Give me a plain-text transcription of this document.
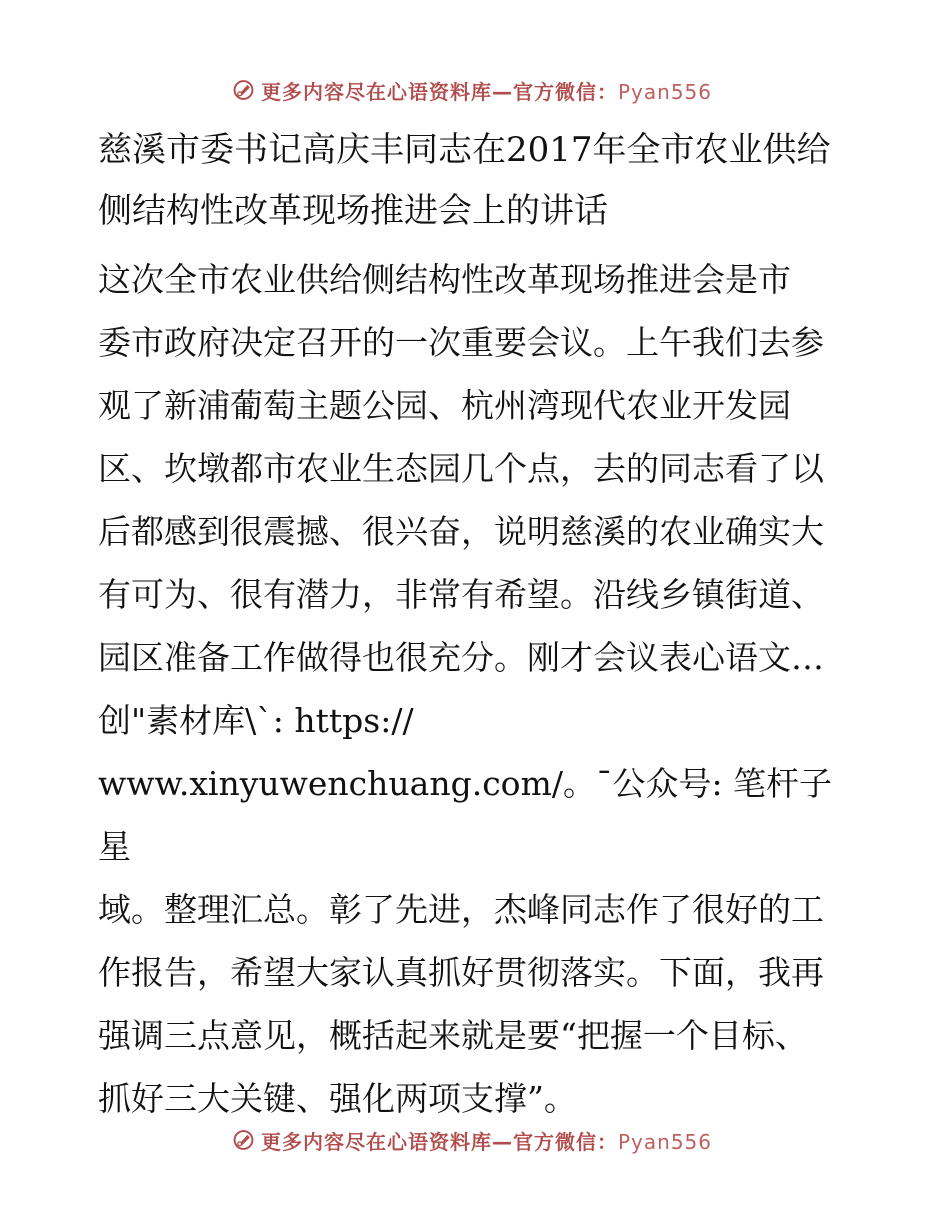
更多内容尽在心语资料库—官方微信：Pyan556
慈溪市委书记高庆丰同志在2017年全市农业供给侧结构性改革现场推进会上的讲话

这次全市农业供给侧结构性改革现场推进会是市
委市政府决定召开的一次重要会议。上午我们去参
观了新浦葡萄主题公园、杭州湾现代农业开发园
区、坎墩都市农业生态园几个点，去的同志看了以
后都感到很震撼、很兴奋，说明慈溪的农业确实大
有可为、很有潜力，非常有希望。沿线乡镇街道、
园区准备工作做得也很充分。刚才会议表心语文…
创"素材库\`: https://
www.xinyuwenchuang.com/。¯公众号: 笔杆子星
域。整理汇总。彰了先进，杰峰同志作了很好的工
作报告，希望大家认真抓好贯彻落实。下面，我再
强调三点意见，概括起来就是要“把握一个目标、
抓好三大关键、强化两项支撑”。

更多内容尽在心语资料库—官方微信：Pyan556
